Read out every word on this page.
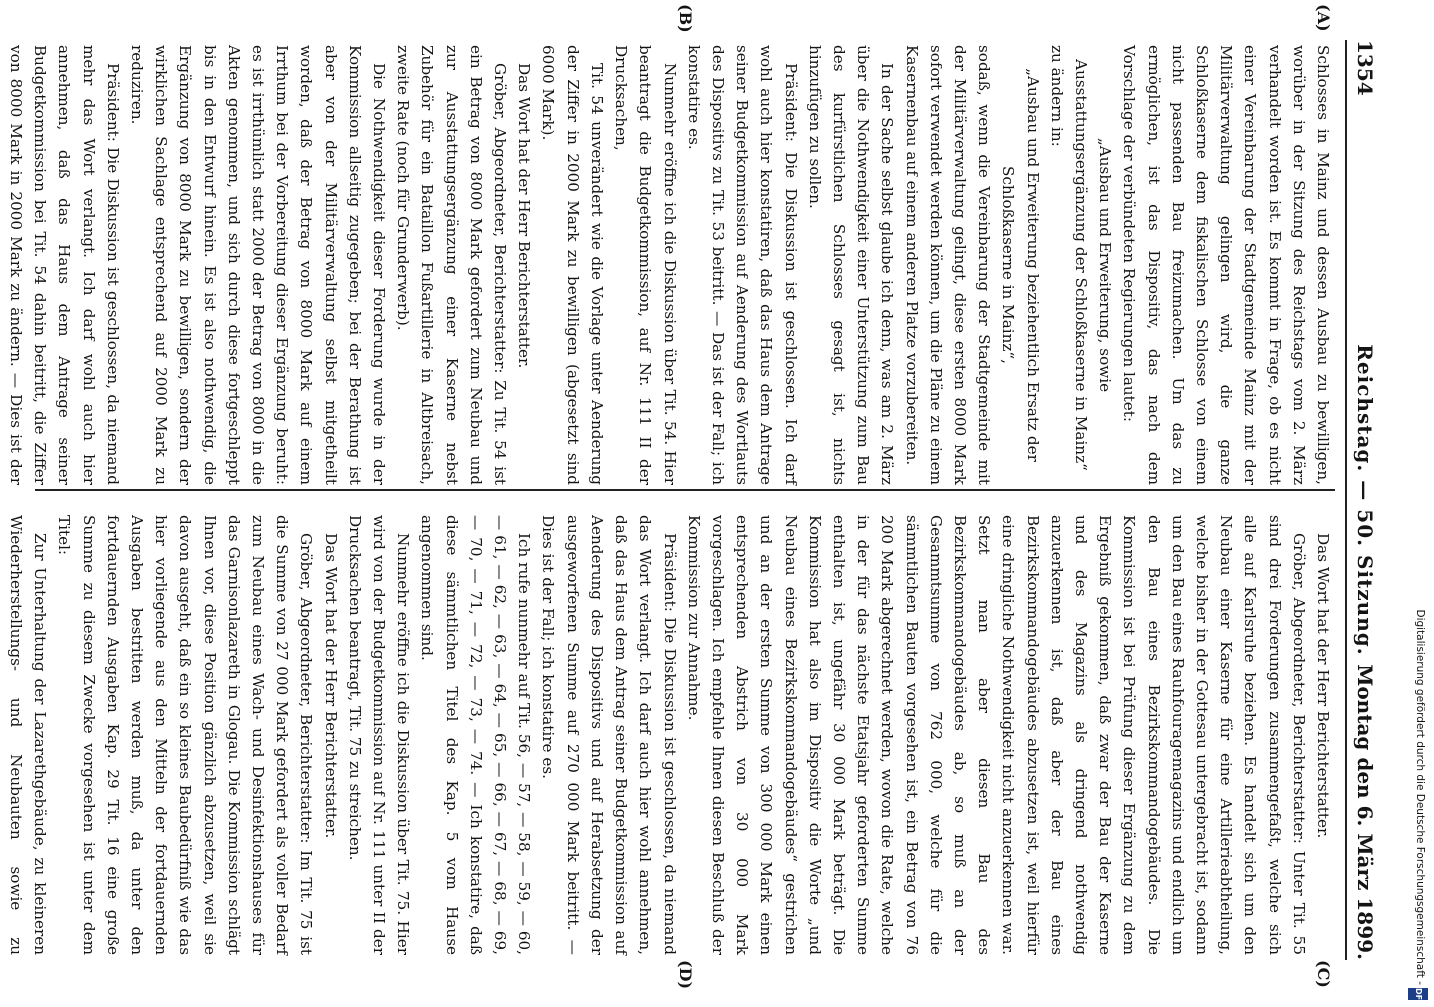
1354
Reichstag. — 50. Sitzung.
Montag den 6. März 1899.
(A)
(B)
(C)
(D)

Schlosses in Mainz und dessen Ausbau zu bewilligen, worüber in der Sitzung des Reichstags vom 2. März verhandelt worden ist. Es kommt in Frage, ob es nicht einer Vereinbarung der Stadtgemeinde Mainz mit der Militärverwaltung gelingen wird, die ganze Schloßkaserne dem fiskalischen Schlosse von einem nicht passenden Bau freizumachen. Um das zu ermöglichen, ist das Dispositiv, das nach dem Vorschlage der verbündeten Regierungen lautet:

„Ausbau und Erweiterung, sowie Ausstattungsergänzung der Schloßkaserne in Mainz“

zu ändern in:

„Ausbau und Erweiterung beziehentlich Ersatz der Schloßkaserne in Mainz“,

sodaß, wenn die Vereinbarung der Stadtgemeinde mit der Militärverwaltung gelingt, diese ersten 8000 Mark sofort verwendet werden können, um die Pläne zu einem Kasernenbau auf einem anderen Platze vorzubereiten.

In der Sache selbst glaube ich denn, was am 2. März über die Nothwendigkeit einer Unterstützung zum Bau des kurfürstlichen Schlosses gesagt ist, nichts hinzufügen zu sollen.

Präsident: Die Diskussion ist geschlossen. Ich darf wohl auch hier konstatiren, daß das Haus dem Antrage seiner Budgetkommission auf Aenderung des Wortlauts des Dispositivs zu Tit. 53 beitritt. — Das ist der Fall; ich konstatire es.

Nunmehr eröffne ich die Diskussion über Tit. 54. Hier beantragt die Budgetkommission, auf Nr. 111 II der Drucksachen,

Tit. 54 unverändert wie die Vorlage unter Aenderung der Ziffer in 2000 Mark zu bewilligen (abgesetzt sind 6000 Mark).

Das Wort hat der Herr Berichterstatter.

Gröber, Abgeordneter, Berichterstatter: Zu Tit. 54 ist ein Betrag von 8000 Mark gefordert zum Neubau und zur Ausstattungsergänzung einer Kaserne nebst Zubehör für ein Bataillon Fußartillerie in Altbreisach, zweite Rate (noch für Grunderwerb).

Die Nothwendigkeit dieser Forderung wurde in der Kommission allseitig zugegeben; bei der Berathung ist aber von der Militärverwaltung selbst mitgetheilt worden, daß der Betrag von 8000 Mark auf einem Irrthum bei der Vorbereitung dieser Ergänzung beruht: es ist irrthümlich statt 2000 der Betrag von 8000 in die Akten genommen, und sich durch diese fortgeschleppt bis in den Entwurf hinein. Es ist also nothwendig, die Ergänzung von 8000 Mark zu bewilligen, sondern der wirklichen Sachlage entsprechend auf 2000 Mark zu reduziren.

Präsident: Die Diskussion ist geschlossen, da niemand mehr das Wort verlangt. Ich darf wohl auch hier annehmen, daß das Haus dem Antrage seiner Budgetkommission bei Tit. 54 dahin beitritt, die Ziffer von 8000 Mark in 2000 Mark zu ändern. — Dies ist der

Das Wort hat der Herr Berichterstatter.

Gröber, Abgeordneter, Berichterstatter: Unter Tit. 55 sind drei Forderungen zusammengefaßt, welche sich alle auf Karlsruhe beziehen. Es handelt sich um den Neubau einer Kaserne für eine Artillerieabtheilung, welche bisher in der Gottesau untergebracht ist, sodann um den Bau eines Rauhfouragemagazins und endlich um den Bau eines Bezirkskommandogebäudes. Die Kommission ist bei Prüfung dieser Ergänzung zu dem Ergebniß gekommen, daß zwar der Bau der Kaserne und des Magazins als dringend nothwendig anzuerkennen ist, daß aber der Bau eines Bezirkskommandogebäudes abzusetzen ist, weil hierfür eine dringliche Nothwendigkeit nicht anzuerkennen war. Setzt man aber diesen Bau des Bezirkskommandogebäudes ab, so muß an der Gesammtsumme von 762 000, welche für die sämmtlichen Bauten vorgesehen ist, ein Betrag von 76 200 Mark abgerechnet werden, wovon die Rate, welche in der für das nächste Etatsjahr geforderten Summe enthalten ist, ungefähr 30 000 Mark beträgt. Die Kommission hat also im Dispositiv die Worte „und Neubau eines Bezirkskommandogebäudes“ gestrichen und an der ersten Summe von 300 000 Mark einen entsprechenden Abstrich von 30 000 Mark vorgeschlagen. Ich empfehle Ihnen diesen Beschluß der Kommission zur Annahme.

Präsident: Die Diskussion ist geschlossen, da niemand das Wort verlangt. Ich darf auch hier wohl annehmen, daß das Haus dem Antrag seiner Budgetkommission auf Aenderung des Dispositivs und auf Herabsetzung der ausgeworfenen Summe auf 270 000 Mark beitritt. — Dies ist der Fall; ich konstatire es.

Ich rufe nunmehr auf Tit. 56, — 57, — 58, — 59, — 60, — 61, — 62, — 63, — 64, — 65, — 66, — 67, — 68, — 69, — 70, — 71, — 72, — 73, — 74. — Ich konstatire, daß diese sämmtlichen Titel des Kap. 5 vom Hause angenommen sind.

Nunmehr eröffne ich die Diskussion über Tit. 75. Hier wird von der Budgetkommission auf Nr. 111 unter II der Drucksachen beantragt, Tit. 75 zu streichen.

Das Wort hat der Herr Berichterstatter.

Gröber, Abgeordneter, Berichterstatter: Im Tit. 75 ist die Summe von 27 000 Mark gefordert als voller Bedarf zum Neubau eines Wach- und Desinfektionshauses für das Garnisonlazareth in Glogau. Die Kommission schlägt Ihnen vor, diese Position gänzlich abzusetzen, weil sie davon ausgeht, daß ein so kleines Baubedürfniß wie das hier vorliegende aus den Mitteln der fortdauernden Ausgaben bestritten werden muß, da unter den fortdauernden Ausgaben Kap. 29 Tit. 16 eine große Summe zu diesem Zwecke vorgesehen ist unter dem Titel:

Zur Unterhaltung der Lazarethgebäude, zu kleineren Wiederherstellungs- und Neubauten sowie zu	Digitalisierung gefördert durch die Deutsche Forschungsgemeinschaft -
DFG
